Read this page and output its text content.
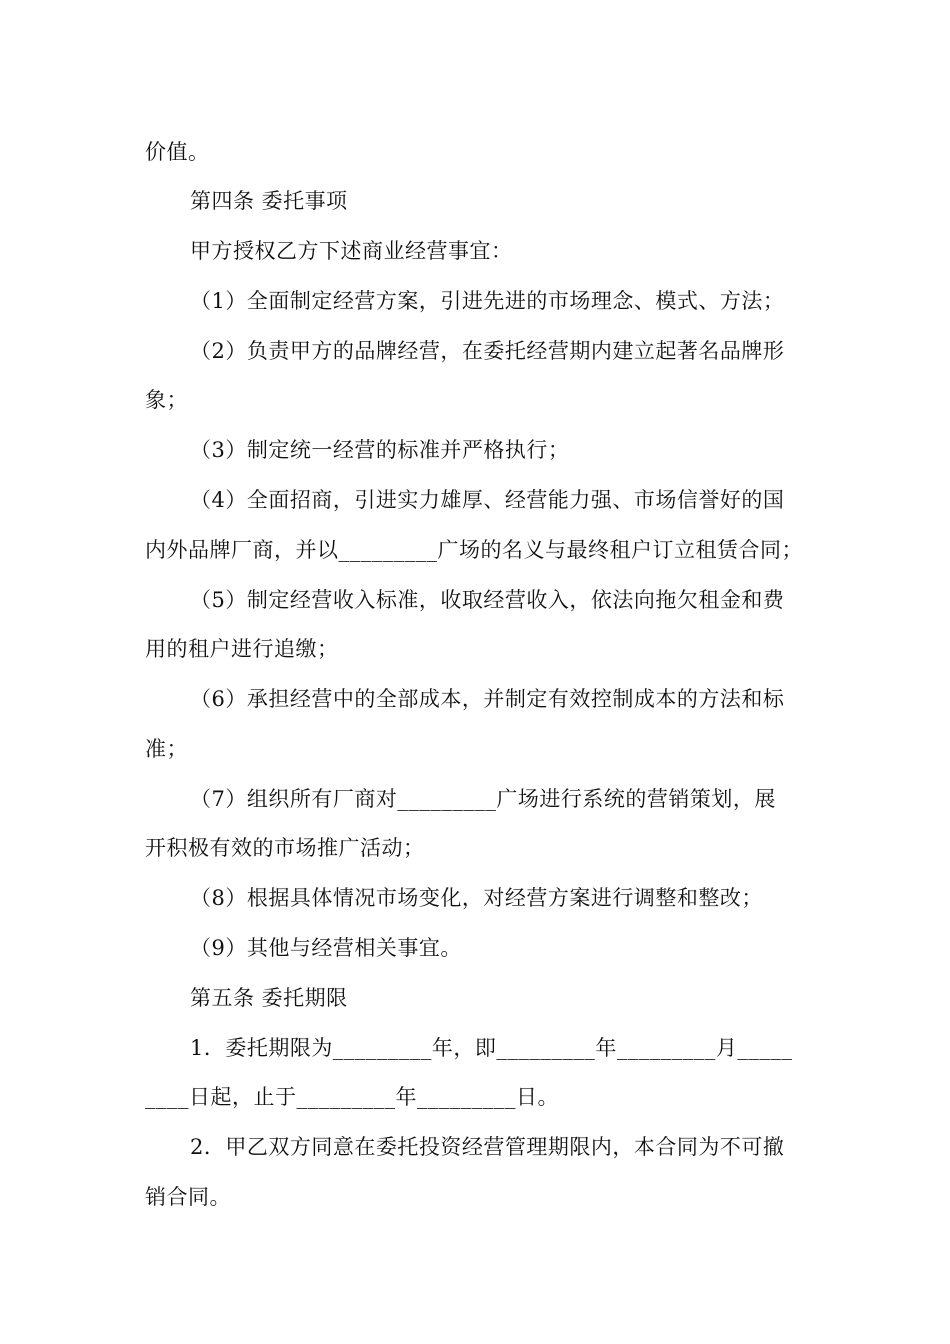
价值。
第四条 委托事项
甲方授权乙方下述商业经营事宜：
（1）全面制定经营方案，引进先进的市场理念、模式、方法；
（2）负责甲方的品牌经营，在委托经营期内建立起著名品牌形
象；
（3）制定统一经营的标准并严格执行；
（4）全面招商，引进实力雄厚、经营能力强、市场信誉好的国
内外品牌厂商，并以_________广场的名义与最终租户订立租赁合同；
（5）制定经营收入标准，收取经营收入，依法向拖欠租金和费
用的租户进行追缴；
（6）承担经营中的全部成本，并制定有效控制成本的方法和标
准；
（7）组织所有厂商对_________广场进行系统的营销策划，展
开积极有效的市场推广活动；
（8）根据具体情况市场变化，对经营方案进行调整和整改；
（9）其他与经营相关事宜。
第五条 委托期限
1．委托期限为_________年，即_________年_________月_____
____日起，止于_________年_________日。
2．甲乙双方同意在委托投资经营管理期限内，本合同为不可撤
销合同。
